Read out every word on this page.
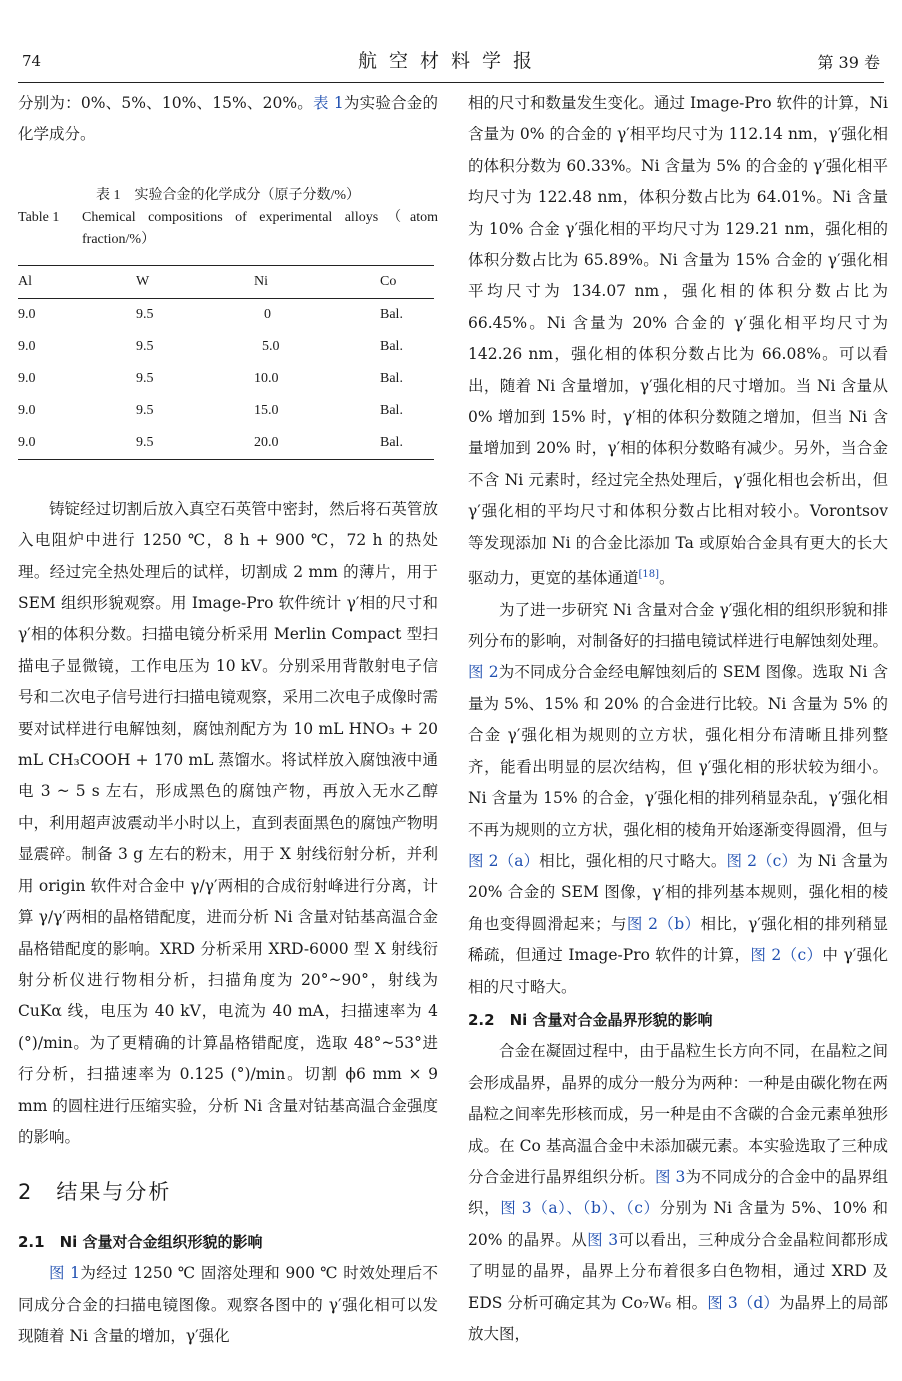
74	航空材料学报	第 39 卷

分别为：0%、5%、10%、15%、20%。表 1为实验合金的化学成分。

表 1　实验合金的化学成分（原子分数/%）
Table 1	Chemical compositions of experimental alloys（atom fraction/%）
Al	W	Ni	Co
9.0	9.5	0	Bal.
9.0	9.5	5.0	Bal.
9.0	9.5	10.0	Bal.
9.0	9.5	15.0	Bal.
9.0	9.5	20.0	Bal.

铸锭经过切割后放入真空石英管中密封，然后将石英管放入电阻炉中进行 1250 ℃，8 h + 900 ℃，72 h 的热处理。经过完全热处理后的试样，切割成 2 mm 的薄片，用于 SEM 组织形貌观察。用 Image-Pro 软件统计 γ′相的尺寸和 γ′相的体积分数。扫描电镜分析采用 Merlin Compact 型扫描电子显微镜，工作电压为 10 kV。分别采用背散射电子信号和二次电子信号进行扫描电镜观察，采用二次电子成像时需要对试样进行电解蚀刻，腐蚀剂配方为 10 mL HNO₃ + 20 mL CH₃COOH + 170 mL 蒸馏水。将试样放入腐蚀液中通电 3 ~ 5 s 左右，形成黑色的腐蚀产物，再放入无水乙醇中，利用超声波震动半小时以上，直到表面黑色的腐蚀产物明显震碎。制备 3 g 左右的粉末，用于 X 射线衍射分析，并利用 origin 软件对合金中 γ/γ′两相的合成衍射峰进行分离，计算 γ/γ′两相的晶格错配度，进而分析 Ni 含量对钴基高温合金晶格错配度的影响。XRD 分析采用 XRD-6000 型 X 射线衍射分析仪进行物相分析，扫描角度为 20°~90°，射线为 CuKα 线，电压为 40 kV，电流为 40 mA，扫描速率为 4 (°)/min。为了更精确的计算晶格错配度，选取 48°~53°进行分析，扫描速率为 0.125 (°)/min。切割 ϕ6 mm × 9 mm 的圆柱进行压缩实验，分析 Ni 含量对钴基高温合金强度的影响。

2　结果与分析
2.1　Ni 含量对合金组织形貌的影响

图 1为经过 1250 ℃ 固溶处理和 900 ℃ 时效处理后不同成分合金的扫描电镜图像。观察各图中的 γ′强化相可以发现随着 Ni 含量的增加，γ′强化

相的尺寸和数量发生变化。通过 Image-Pro 软件的计算，Ni 含量为 0% 的合金的 γ′相平均尺寸为 112.14 nm，γ′强化相的体积分数为 60.33%。Ni 含量为 5% 的合金的 γ′强化相平均尺寸为 122.48 nm，体积分数占比为 64.01%。Ni 含量为 10% 合金 γ′强化相的平均尺寸为 129.21 nm，强化相的体积分数占比为 65.89%。Ni 含量为 15% 合金的 γ′强化相平均尺寸为 134.07 nm，强化相的体积分数占比为 66.45%。Ni 含量为 20% 合金的 γ′强化相平均尺寸为 142.26 nm，强化相的体积分数占比为 66.08%。可以看出，随着 Ni 含量增加，γ′强化相的尺寸增加。当 Ni 含量从 0% 增加到 15% 时，γ′相的体积分数随之增加，但当 Ni 含量增加到 20% 时，γ′相的体积分数略有减少。另外，当合金不含 Ni 元素时，经过完全热处理后，γ′强化相也会析出，但 γ′强化相的平均尺寸和体积分数占比相对较小。Vorontsov 等发现添加 Ni 的合金比添加 Ta 或原始合金具有更大的长大驱动力，更宽的基体通道[18]。

为了进一步研究 Ni 含量对合金 γ′强化相的组织形貌和排列分布的影响，对制备好的扫描电镜试样进行电解蚀刻处理。图 2为不同成分合金经电解蚀刻后的 SEM 图像。选取 Ni 含量为 5%、15% 和 20% 的合金进行比较。Ni 含量为 5% 的合金 γ′强化相为规则的立方状，强化相分布清晰且排列整齐，能看出明显的层次结构，但 γ′强化相的形状较为细小。Ni 含量为 15% 的合金，γ′强化相的排列稍显杂乱，γ′强化相不再为规则的立方状，强化相的棱角开始逐渐变得圆滑，但与图 2（a）相比，强化相的尺寸略大。图 2（c）为 Ni 含量为 20% 合金的 SEM 图像，γ′相的排列基本规则，强化相的棱角也变得圆滑起来；与图 2（b）相比，γ′强化相的排列稍显稀疏，但通过 Image-Pro 软件的计算，图 2（c）中 γ′强化相的尺寸略大。

2.2　Ni 含量对合金晶界形貌的影响

合金在凝固过程中，由于晶粒生长方向不同，在晶粒之间会形成晶界，晶界的成分一般分为两种：一种是由碳化物在两晶粒之间率先形核而成，另一种是由不含碳的合金元素单独形成。在 Co 基高温合金中未添加碳元素。本实验选取了三种成分合金进行晶界组织分析。图 3为不同成分的合金中的晶界组织，图 3（a）、（b）、（c）分别为 Ni 含量为 5%、10% 和 20% 的晶界。从图 3可以看出，三种成分合金晶粒间都形成了明显的晶界，晶界上分布着很多白色物相，通过 XRD 及 EDS 分析可确定其为 Co₇W₆ 相。图 3（d）为晶界上的局部放大图，
